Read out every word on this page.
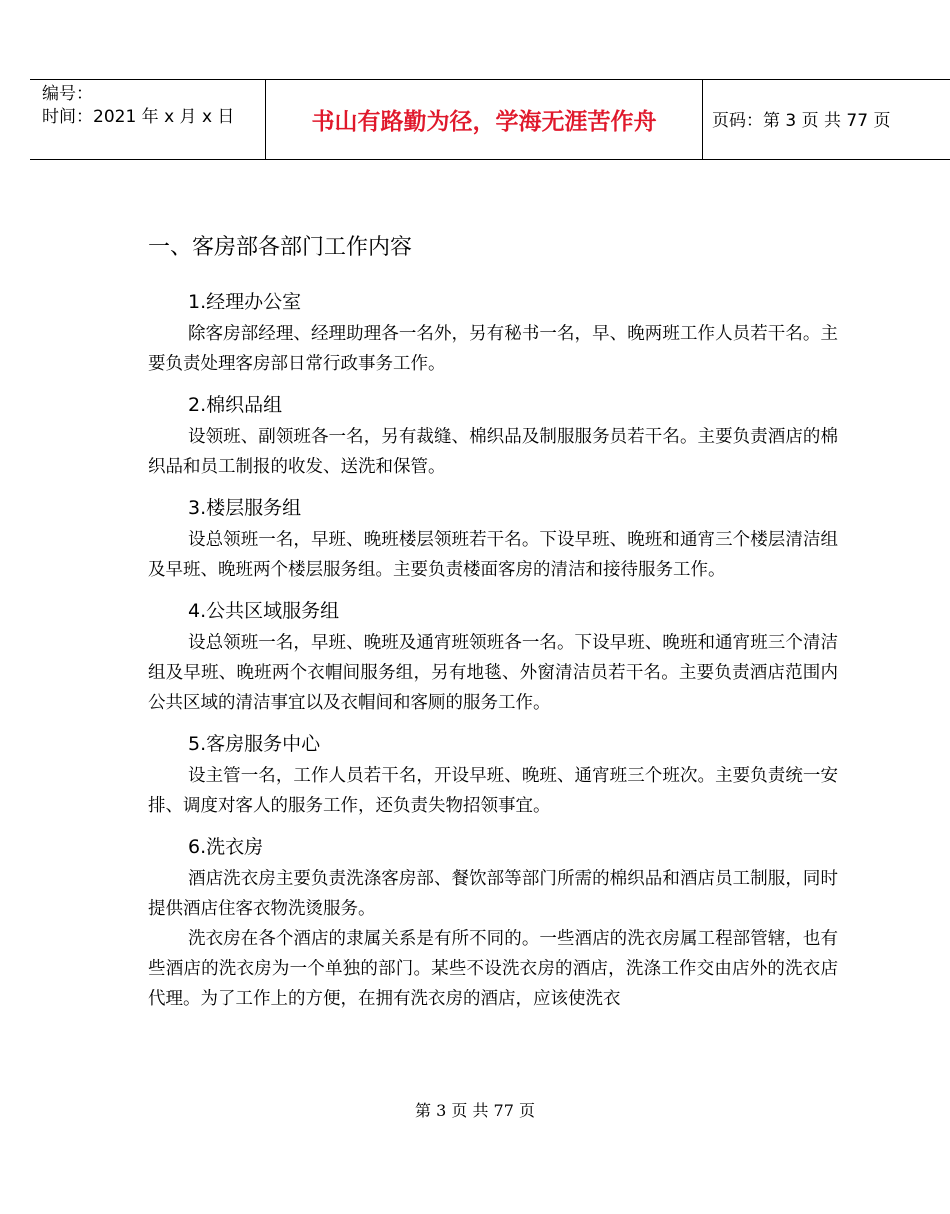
编号：
时间：2021 年 x 月 x 日	书山有路勤为径，学海无涯苦作舟	页码：第 3 页 共 77 页
一、客房部各部门工作内容
1.经理办公室

除客房部经理、经理助理各一名外，另有秘书一名，早、晚两班工作人员若干名。主要负责处理客房部日常行政事务工作。

2.棉织品组

设领班、副领班各一名，另有裁缝、棉织品及制服服务员若干名。主要负责酒店的棉织品和员工制报的收发、送洗和保管。

3.楼层服务组

设总领班一名，早班、晚班楼层领班若干名。下设早班、晚班和通宵三个楼层清洁组及早班、晚班两个楼层服务组。主要负责楼面客房的清洁和接待服务工作。

4.公共区域服务组

设总领班一名，早班、晚班及通宵班领班各一名。下设早班、晚班和通宵班三个清洁组及早班、晚班两个衣帽间服务组，另有地毯、外窗清洁员若干名。主要负责酒店范围内公共区域的清洁事宜以及衣帽间和客厕的服务工作。

5.客房服务中心

设主管一名，工作人员若干名，开设早班、晚班、通宵班三个班次。主要负责统一安排、调度对客人的服务工作，还负责失物招领事宜。

6.洗衣房

酒店洗衣房主要负责洗涤客房部、餐饮部等部门所需的棉织品和酒店员工制服，同时提供酒店住客衣物洗烫服务。

洗衣房在各个酒店的隶属关系是有所不同的。一些酒店的洗衣房属工程部管辖，也有些酒店的洗衣房为一个单独的部门。某些不设洗衣房的酒店，洗涤工作交由店外的洗衣店代理。为了工作上的方便，在拥有洗衣房的酒店，应该使洗衣

第 3 页 共 77 页
